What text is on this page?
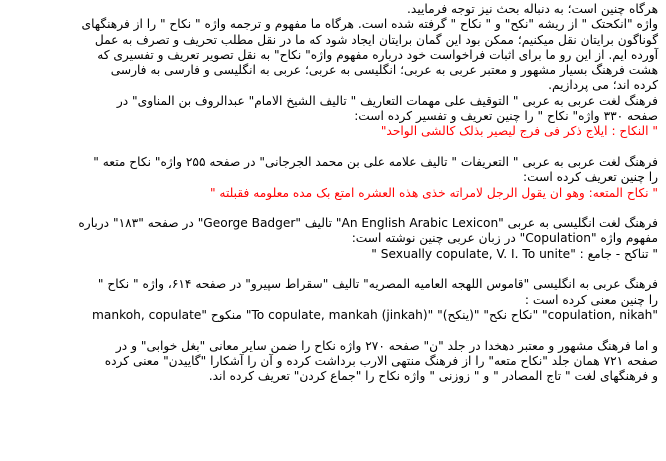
هرگاه چنین است؛ به دنباله بحث نیز توجه فرمایید.

واژه "انکحتک " از ریشه "نکح" و " نکاح " گرفته شده است. هرگاه ما مفهوم و ترجمه واژه " نکاح " را از فرهنگهای

گوناگون برایتان نقل میکنیم؛ ممکن بود این گمان برایتان ایجاد شود که ما در نقل مطلب تحریف و تصرف به عمل

آورده ایم. از این رو ما برای اثبات فراخواست خود درباره مفهوم واژه" نکاح" به نقل تصویر تعریف و تفسیری که

هشت فرهنگ بسیار مشهور و معتبر عربی به عربی؛ انگلیسی به عربی؛ عربی به انگلیسی و فارسی به فارسی

کرده اند؛ می پردازیم.

فرهنگ لغت عربی به عربی " التوقیف علی مهمات التعاریف " تالیف الشیخ الامام" عبدالروف بن المناوی" در

صفحه ۳۳۰ واژه" نکاح " را چنین تعریف و تفسیر کرده است:

" النکاح : ایلاج ذکر فی فرج لیصیر بذلک کالشی الواحد"

فرهنگ لغت عربی به عربی " التعریفات " تالیف علامه علی بن محمد الجرجانی" در صفحه ۲۵۵ واژه" نکاح متعه "

را چنین تعریف کرده است:

" نکاح المتعه: وهو ان یقول الرجل لامراته خذی هذه العشره امتع بک مده معلومه فقبلته "

فرهنگ لغت انگلیسی به عربی "An English Arabic Lexicon" تالیف "George Badger" در صفحه "۱۸۳" درباره

مفهوم واژه "Copulation" در زبان عربی چنین نوشته است:

" تناکح - جامع : "Sexually copulate, V. I. To unite "

فرهنگ عربی به انگلیسی "قاموس اللهجه العامیه المصریه" تالیف "سقراط سپیرو" در صفحه ۶۱۴، واژه " نکاح "

را چنین معنی کرده است :

"copulation, nikah" "نکاح نکح" "(ینکح)" "To copulate, mankah (jinkah)" منکوح "mankoh, copulate

و اما فرهنگ مشهور و معتبر دهخدا در جلد "ن" صفحه ۲۷۰ واژه نکاح را ضمن سایر معانی "بغل خوابی" و در

صفحه ۷۲۱ همان جلد "نکاح متعه" را از فرهنگ منتهی الارب برداشت کرده و آن را آشکارا "گاییدن" معنی کرده

و فرهنگهای لغت " تاج المصادر " و " زوزنی " واژه نکاح را "جماع کردن" تعریف کرده اند.
